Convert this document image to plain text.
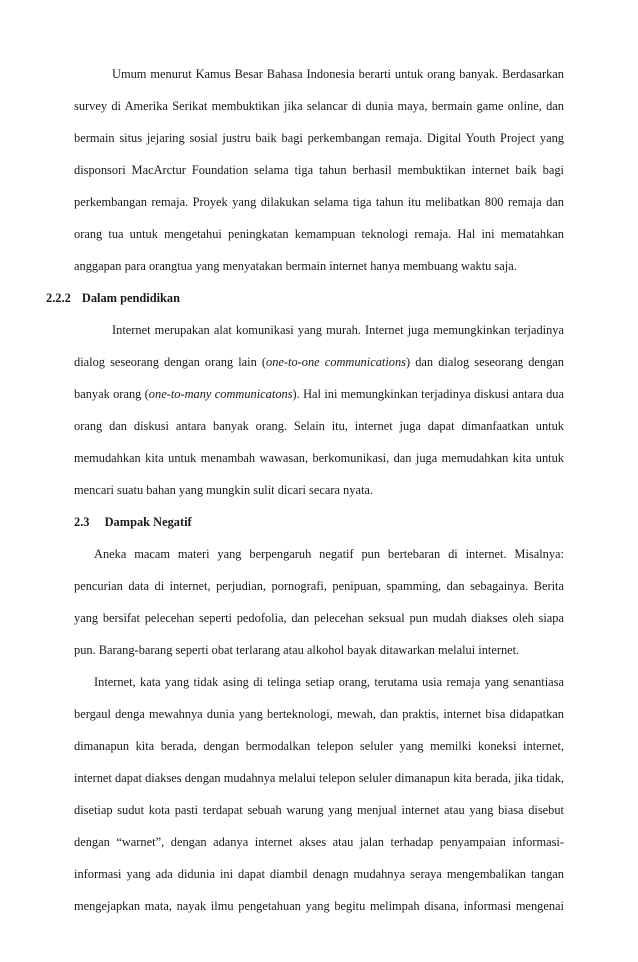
Umum menurut Kamus Besar Bahasa Indonesia berarti untuk orang banyak. Berdasarkan
survey di Amerika Serikat membuktikan jika selancar di dunia maya, bermain game online, dan
bermain situs jejaring sosial justru baik bagi perkembangan remaja. Digital Youth Project yang
disponsori MacArctur Foundation selama tiga tahun berhasil membuktikan internet baik bagi
perkembangan remaja. Proyek yang dilakukan selama tiga tahun itu melibatkan 800 remaja dan
orang tua untuk mengetahui peningkatan kemampuan teknologi remaja. Hal ini mematahkan
anggapan para orangtua yang menyatakan bermain internet hanya membuang waktu saja.
2.2.2 Dalam pendidikan
Internet merupakan alat komunikasi yang murah. Internet juga memungkinkan terjadinya
dialog seseorang dengan orang lain (one-to-one communications) dan dialog seseorang dengan
banyak orang (one-to-many communicatons). Hal ini memungkinkan terjadinya diskusi antara dua
orang dan diskusi antara banyak orang. Selain itu, internet juga dapat dimanfaatkan untuk
memudahkan kita untuk menambah wawasan, berkomunikasi, dan juga memudahkan kita untuk
mencari suatu bahan yang mungkin sulit dicari secara nyata.
2.3 Dampak Negatif
Aneka macam materi yang berpengaruh negatif pun bertebaran di internet. Misalnya:
pencurian data di internet, perjudian, pornografi, penipuan, spamming, dan sebagainya. Berita
yang bersifat pelecehan seperti pedofolia, dan pelecehan seksual pun mudah diakses oleh siapa
pun. Barang-barang seperti obat terlarang atau alkohol bayak ditawarkan melalui internet.
Internet, kata yang tidak asing di telinga setiap orang, terutama usia remaja yang senantiasa
bergaul denga mewahnya dunia yang berteknologi, mewah, dan praktis, internet bisa didapatkan
dimanapun kita berada, dengan bermodalkan telepon seluler yang memilki koneksi internet,
internet dapat diakses dengan mudahnya melalui telepon seluler dimanapun kita berada, jika tidak,
disetiap sudut kota pasti terdapat sebuah warung yang menjual internet atau yang biasa disebut
dengan “warnet”, dengan adanya internet akses atau jalan terhadap penyampaian informasi-
informasi yang ada didunia ini dapat diambil denagn mudahnya seraya mengembalikan tangan
mengejapkan mata, nayak ilmu pengetahuan yang begitu melimpah disana, informasi mengenai
